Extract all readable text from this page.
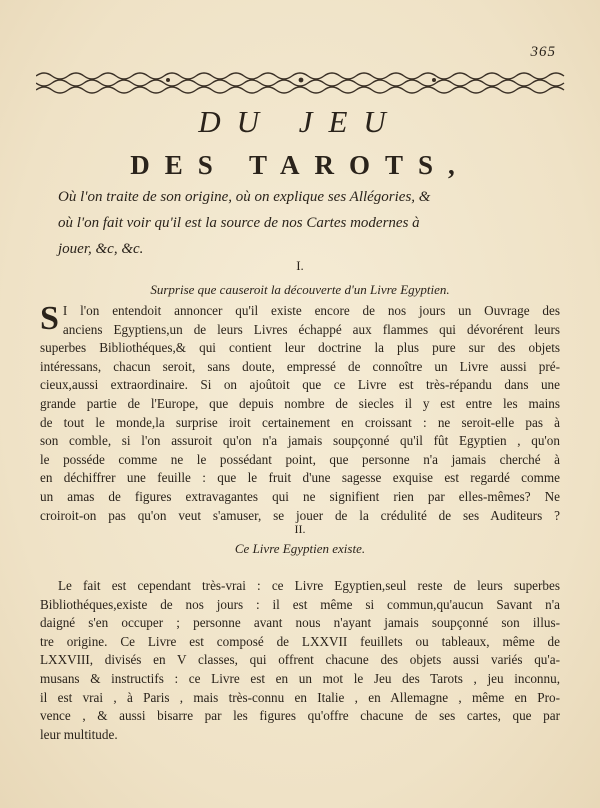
365
DU JEU
DES TAROTS,
Où l'on traite de son origine, où on explique ses Allégories, &
où l'on fait voir qu'il est la source de nos Cartes modernes à
jouer, &c, &c.
I.
Surprise que causeroit la découverte d'un Livre Egyptien.
S I l'on entendoit annoncer qu'il existe encore de nos jours un Ouvrage des
anciens Egyptiens,un de leurs Livres échappé aux flammes qui dévorérent leurs
superbes Bibliothéques,& qui contient leur doctrine la plus pure sur des objets
intéressans, chacun seroit, sans doute, empressé de connoître un Livre aussi pré-
cieux,aussi extraordinaire. Si on ajoûtoit que ce Livre est très-répandu dans une
grande partie de l'Europe, que depuis nombre de siecles il y est entre les mains
de tout le monde,la surprise iroit certainement en croissant : ne seroit-elle pas à
son comble, si l'on assuroit qu'on n'a jamais soupçonné qu'il fût Egyptien , qu'on
le posséde comme ne le possédant point, que personne n'a jamais cherché à
en déchiffrer une feuille : que le fruit d'une sagesse exquise est regardé comme
un amas de figures extravagantes qui ne signifient rien par elles-mêmes? Ne
croiroit-on pas qu'on veut s'amuser, se jouer de la crédulité de ses Auditeurs ?
II.
Ce Livre Egyptien existe.
Le fait est cependant très-vrai : ce Livre Egyptien,seul reste de leurs superbes
Bibliothéques,existe de nos jours : il est même si commun,qu'aucun Savant n'a
daigné s'en occuper ; personne avant nous n'ayant jamais soupçonné son illus-
tre origine. Ce Livre est composé de LXXVII feuillets ou tableaux, même de
LXXVIII, divisés en V classes, qui offrent chacune des objets aussi variés qu'a-
musans & instructifs : ce Livre est en un mot le Jeu des Tarots , jeu inconnu,
il est vrai , à Paris , mais très-connu en Italie , en Allemagne , même en Pro-
vence , & aussi bisarre par les figures qu'offre chacune de ses cartes, que par
leur multitude.
